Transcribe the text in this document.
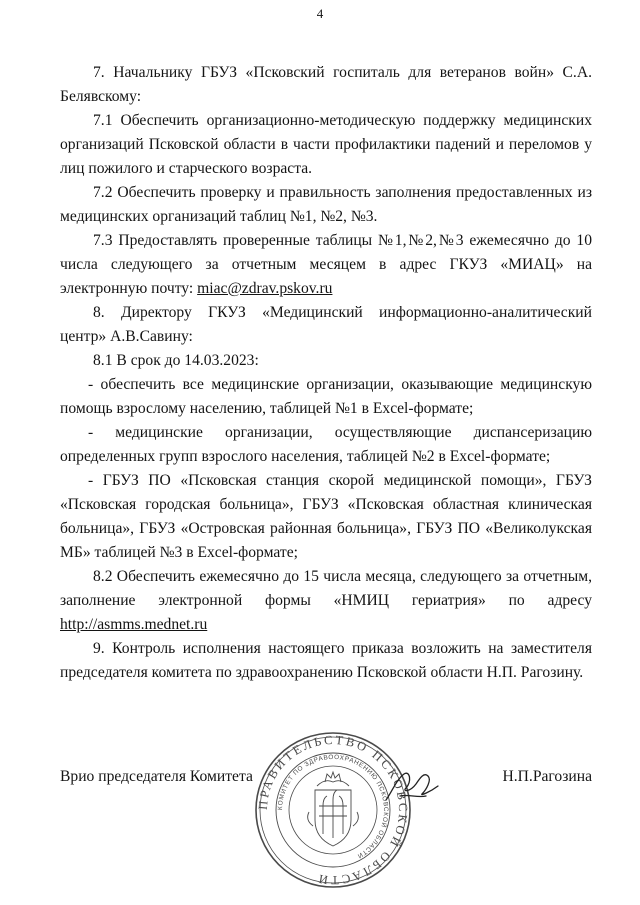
4

7. Начальнику ГБУЗ «Псковский госпиталь для ветеранов войн» С.А. Белявскому:

7.1 Обеспечить организационно-методическую поддержку медицинских организаций Псковской области в части профилактики падений и переломов у лиц пожилого и старческого возраста.

7.2 Обеспечить проверку и правильность заполнения предоставленных из медицинских организаций таблиц №1, №2, №3.

7.3 Предоставлять проверенные таблицы №1,№2,№3 ежемесячно до 10 числа следующего за отчетным месяцем в адрес ГКУЗ «МИАЦ» на электронную почту: miac@zdrav.pskov.ru

8. Директору ГКУЗ «Медицинский информационно-аналитический центр» А.В.Савину:

8.1 В срок до 14.03.2023:

- обеспечить все медицинские организации, оказывающие медицинскую помощь взрослому населению, таблицей №1 в Excel-формате;

- медицинские организации, осуществляющие диспансеризацию определенных групп взрослого населения, таблицей №2 в Excel-формате;

- ГБУЗ ПО «Псковская станция скорой медицинской помощи», ГБУЗ «Псковская городская больница», ГБУЗ «Псковская областная клиническая больница», ГБУЗ «Островская районная больница», ГБУЗ ПО «Великолукская МБ» таблицей №3 в Excel-формате;

8.2 Обеспечить ежемесячно до 15 числа месяца, следующего за отчетным, заполнение электронной формы «НМИЦ гериатрия» по адресу http://asmms.mednet.ru

9. Контроль исполнения настоящего приказа возложить на заместителя председателя комитета по здравоохранению Псковской области Н.П. Рагозину.

Врио председателя Комитета	Н.П.Рагозина
ПРАВИТЕЛЬСТВО ПСКОВСКОЙ ОБЛАСТИ
КОМИТЕТ ПО ЗДРАВООХРАНЕНИЮ ПСКОВСКОЙ ОБЛАСТИ
